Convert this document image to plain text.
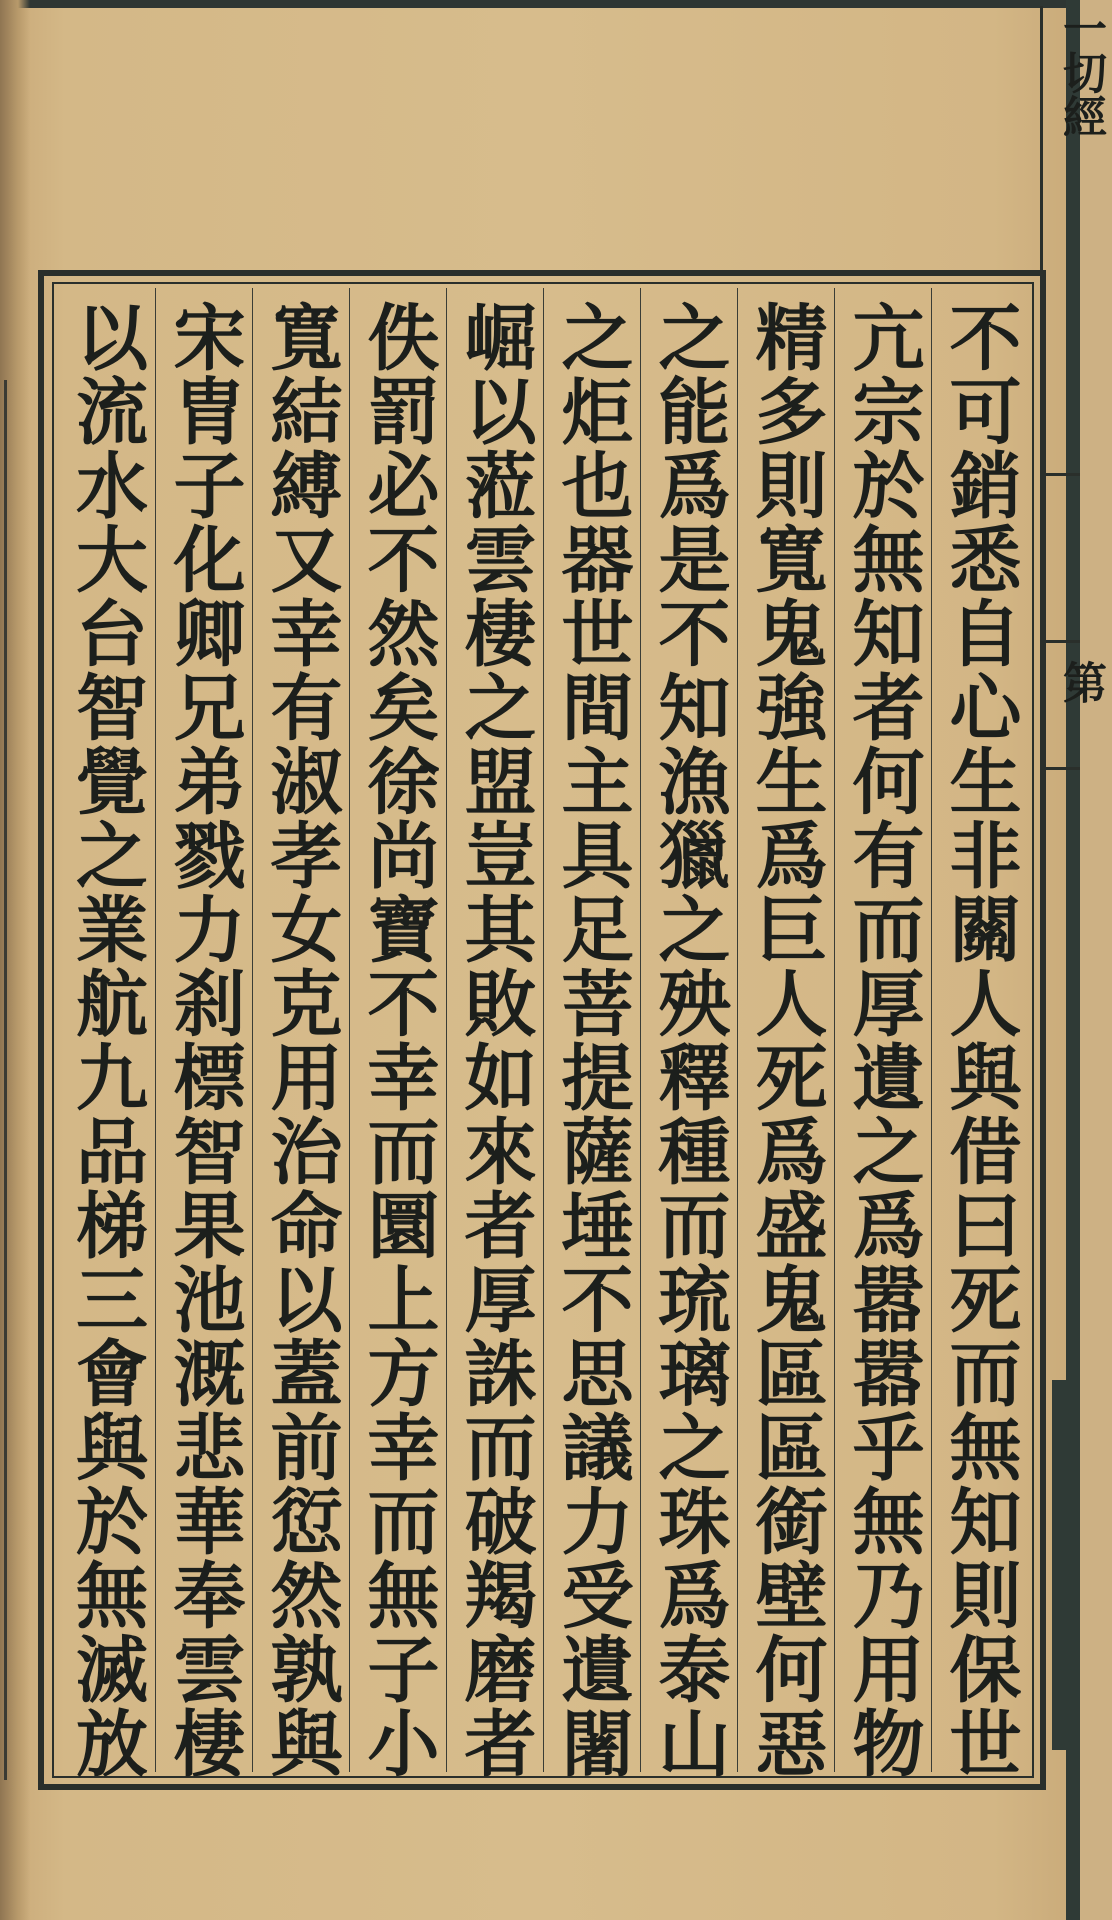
一切經
第
不可銷悉自心生非關人與借曰死而無知則保世
亢宗於無知者何有而厚遺之爲嚣嚣乎無乃用物
精多則寬鬼強生爲巨人死爲盛鬼區區銜壁何惡
之能爲是不知漁獵之殃釋種而琉璃之珠爲泰山
之炬也器世間主具足菩提薩埵不思議力受遺闍
崛以蒞雲棲之盟豈其敗如來者厚誅而破羯磨者
佚罰必不然矣徐尚寶不幸而圜上方幸而無子小
寬結縛又幸有淑孝女克用治命以蓋前愆然孰與
宋胄子化卿兄弟戮力刹標智果池溉悲華奉雲棲
以流水大台智覺之業航九品梯三會與於無滅放
